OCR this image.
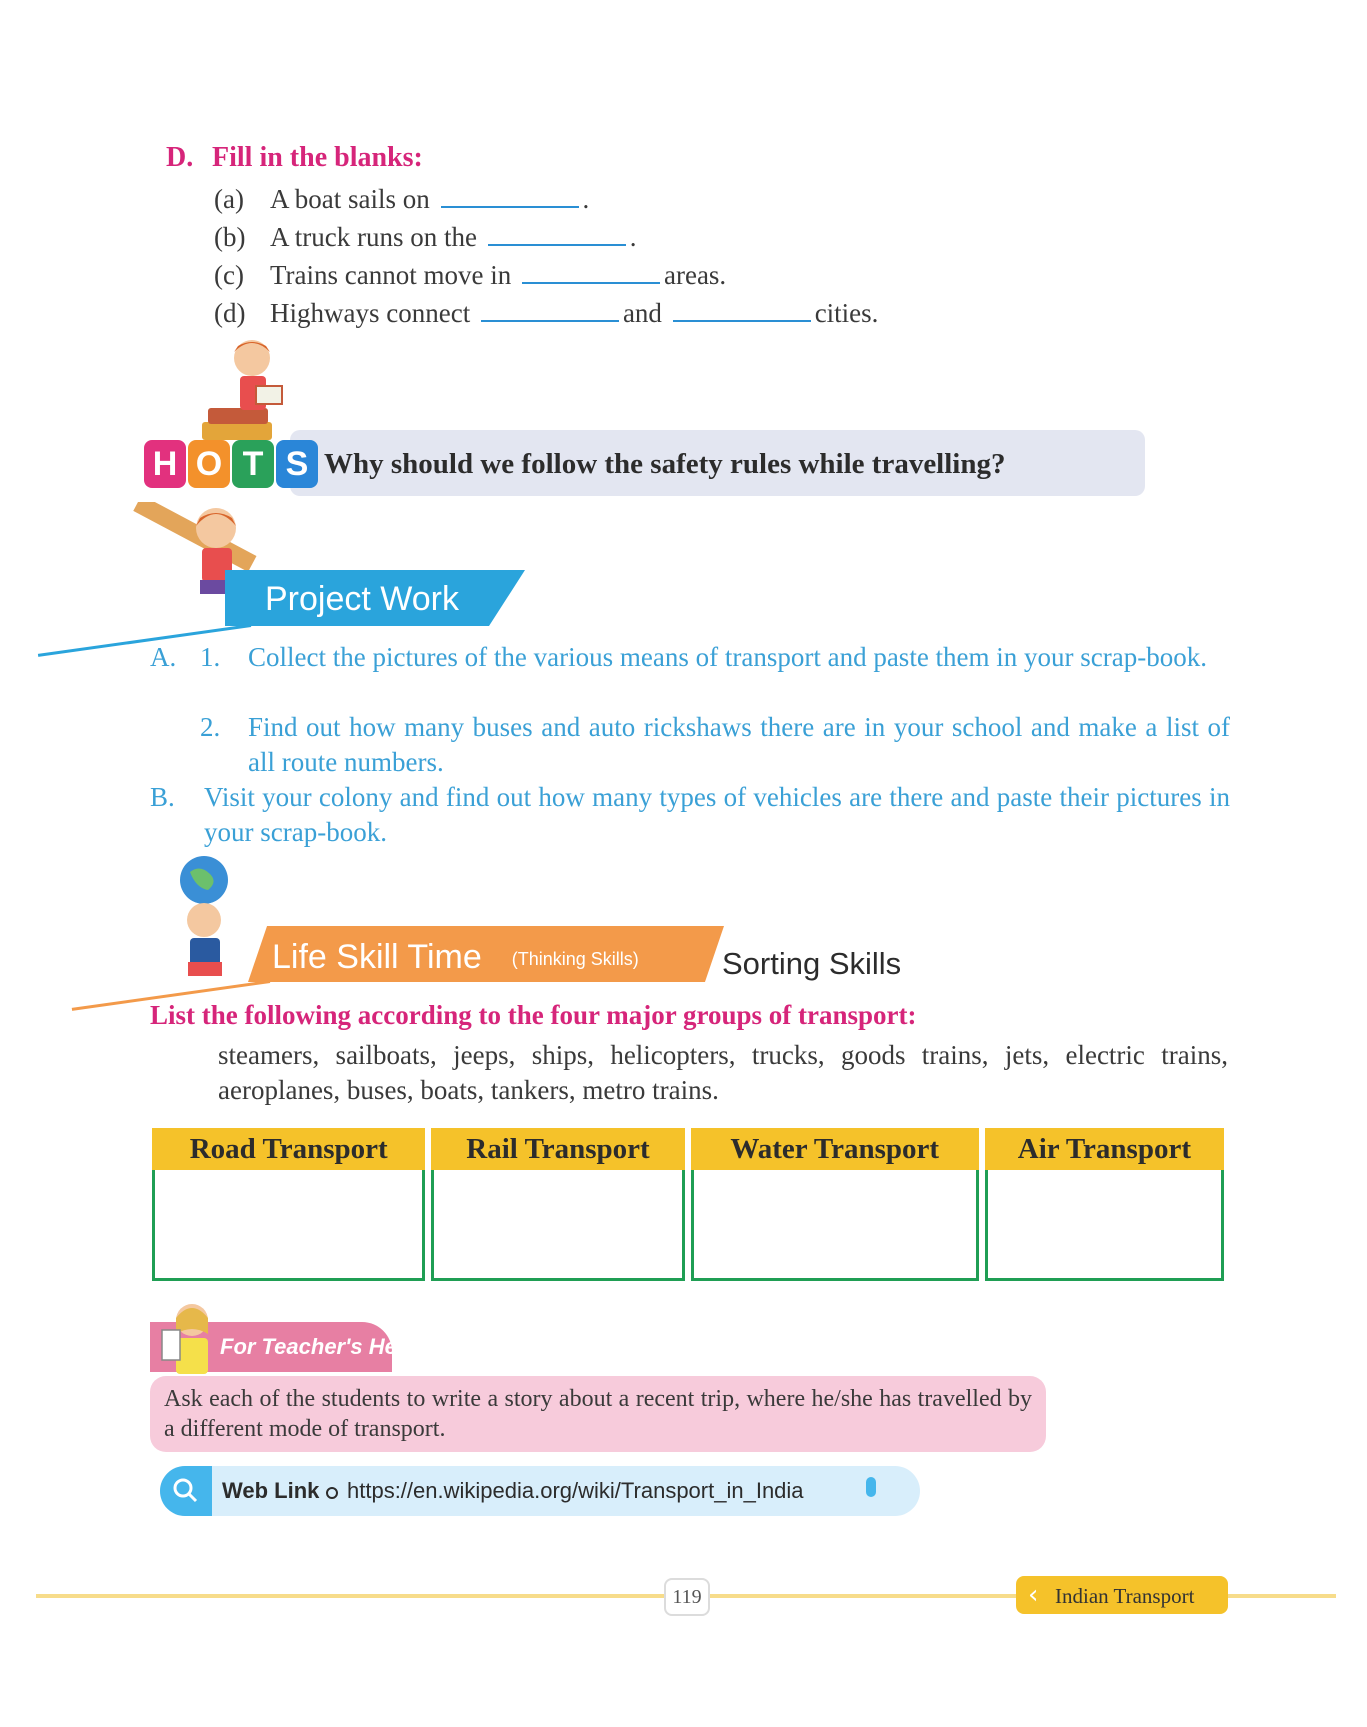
D. Fill in the blanks:
(a) A boat sails on	.
(b) A truck runs on the	.
(c) Trains cannot move in	areas.
(d) Highways connect	and	cities.
H O T S Why should we follow the safety rules while travelling?
Project Work
A. 1.	Collect the pictures of the various means of transport and paste them in your scrap-book.
2.	Find out how many buses and auto rickshaws there are in your school and make a list of all route numbers.
B.	Visit your colony and find out how many types of vehicles are there and paste their pictures in your scrap-book.
Life Skill Time (Thinking Skills)	Sorting Skills
List the following according to the four major groups of transport:
steamers, sailboats, jeeps, ships, helicopters, trucks, goods trains, jets, electric trains, aeroplanes, buses, boats, tankers, metro trains.
Road Transport	Rail Transport	Water Transport	Air Transport

For Teacher's Help
Ask each of the students to write a story about a recent trip, where he/she has travelled by a different mode of transport.
Web Link https://en.wikipedia.org/wiki/Transport_in_India
119	‹ Indian Transport
